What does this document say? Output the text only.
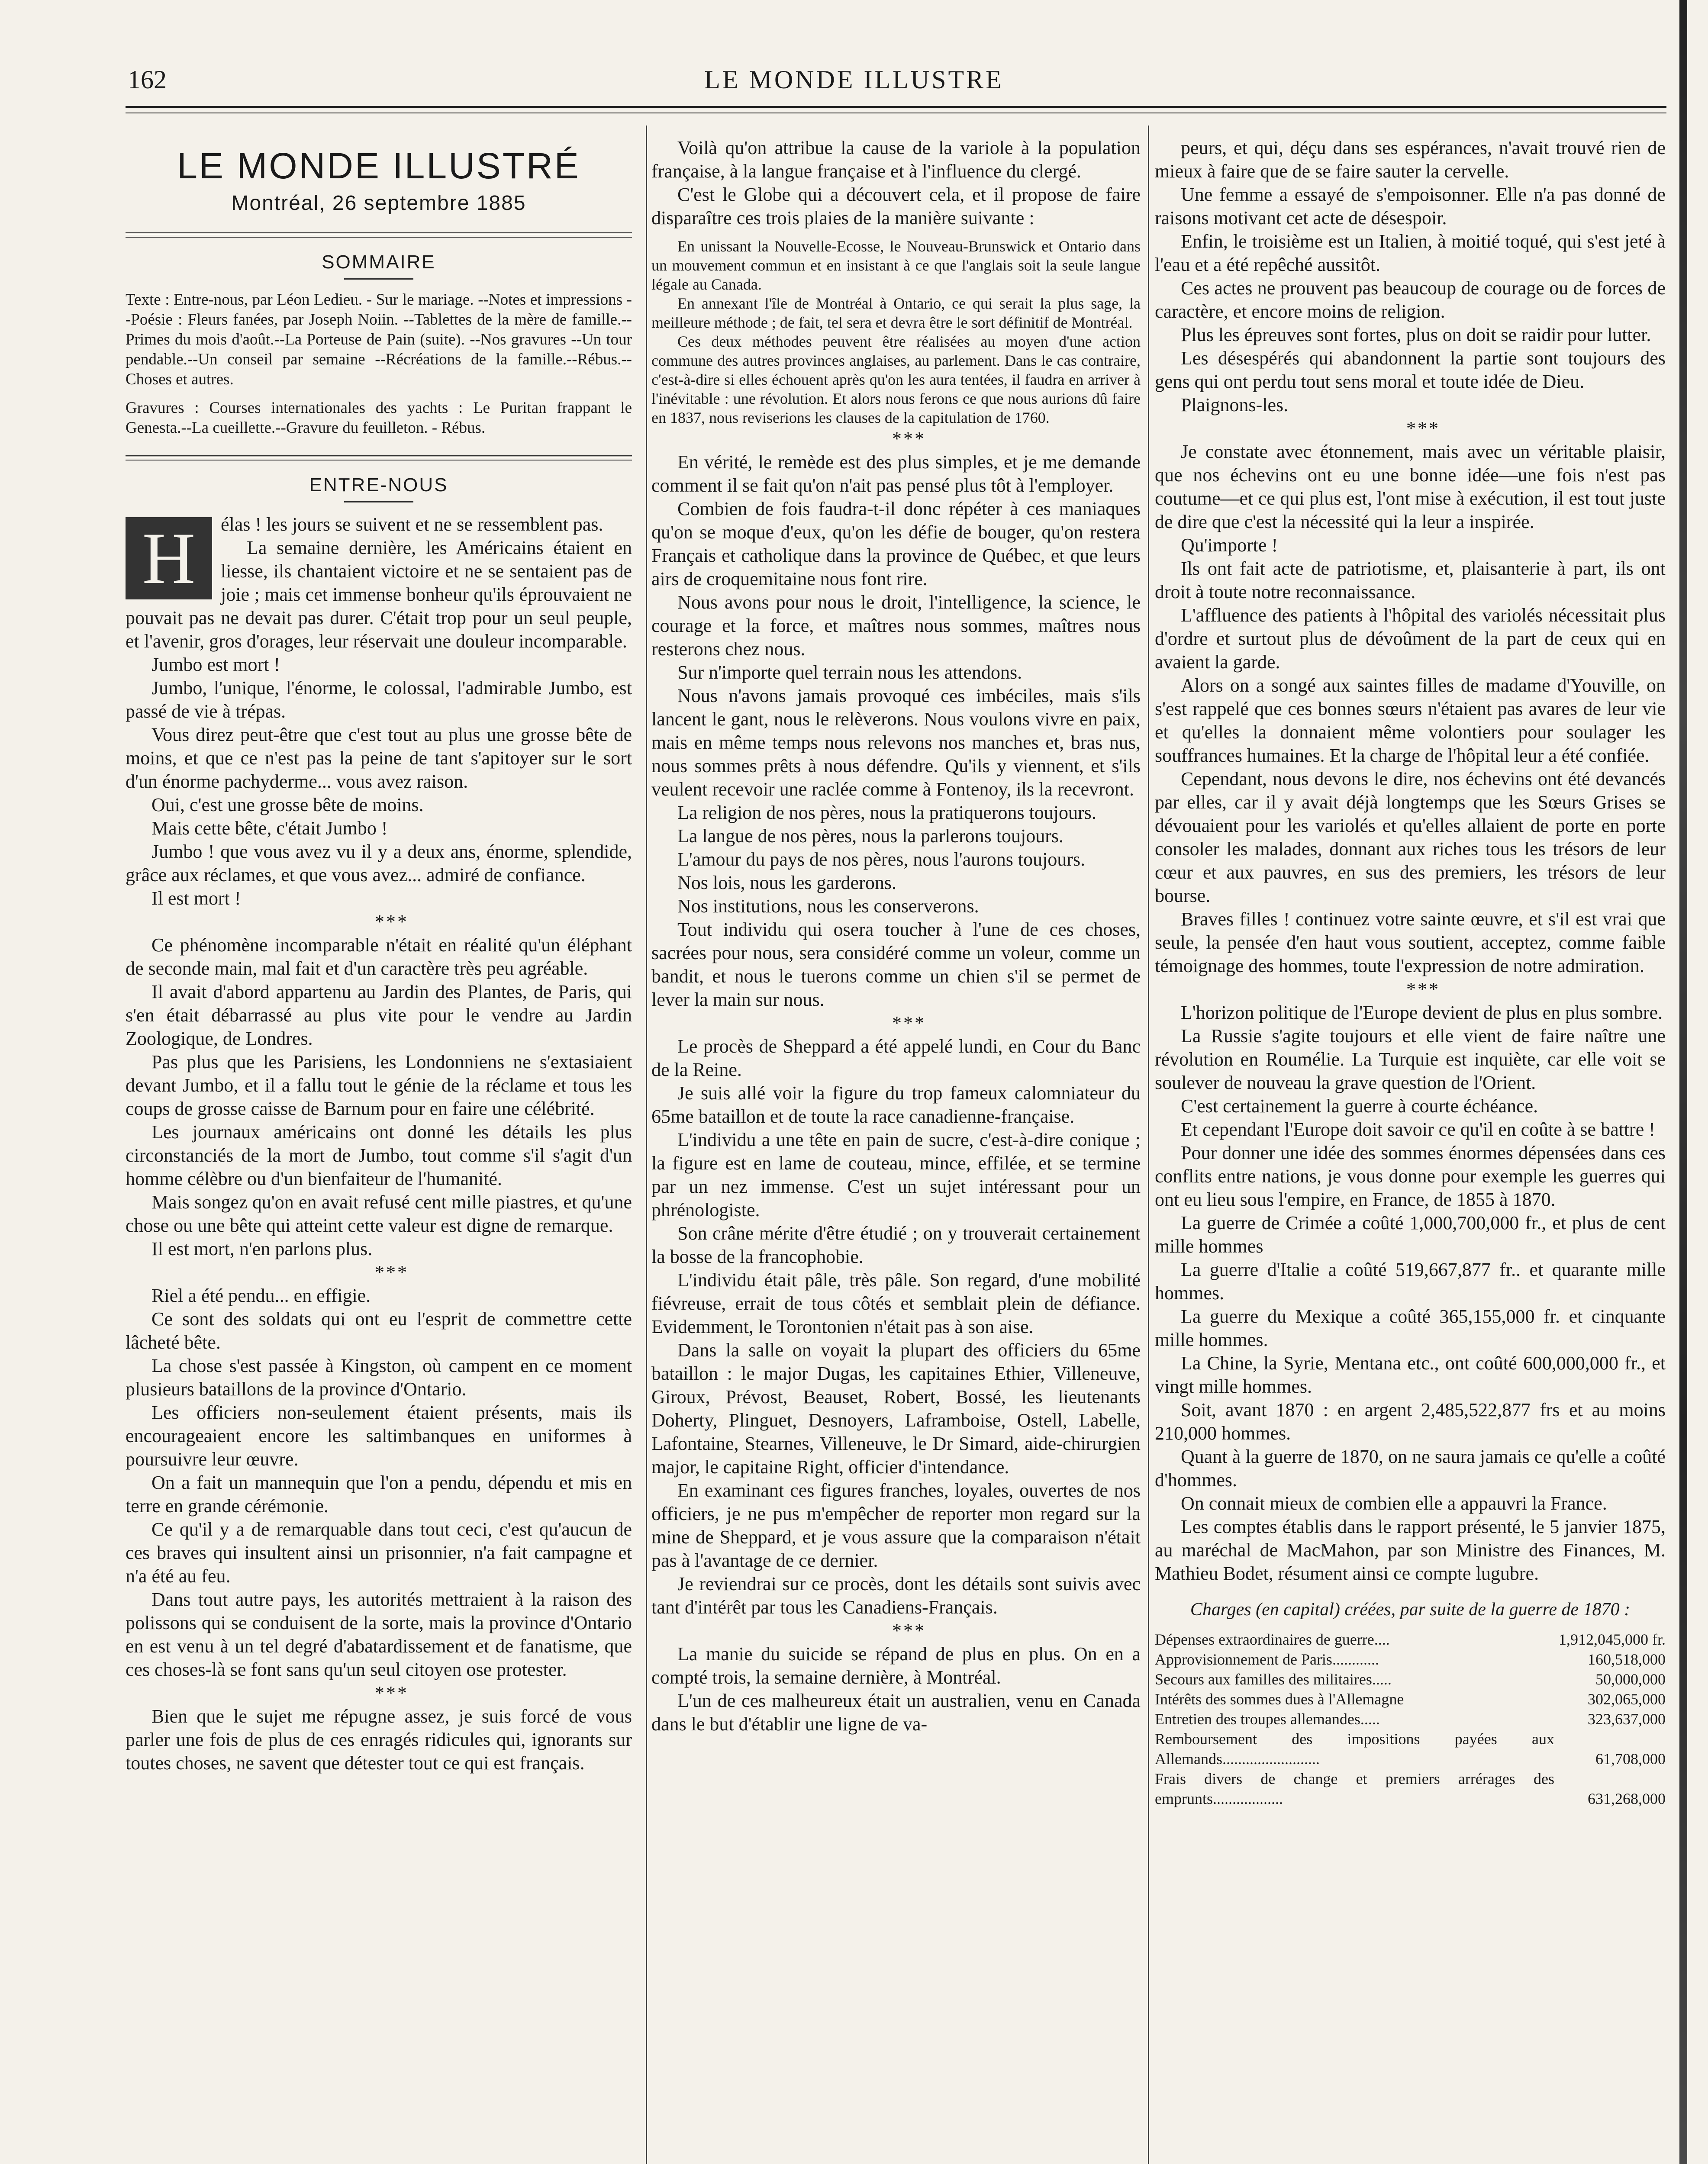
162	LE MONDE ILLUSTRE
LE MONDE ILLUSTRÉ
Montréal, 26 septembre 1885
SOMMAIRE

Texte : Entre-nous, par Léon Ledieu. - Sur le mariage. --Notes et impressions --Poésie : Fleurs fanées, par Joseph Noiin. --Tablettes de la mère de famille.--Primes du mois d'août.--La Porteuse de Pain (suite). --Nos gravures --Un tour pendable.--Un conseil par semaine --Récréations de la famille.--Rébus.--Choses et autres.

Gravures : Courses internationales des yachts : Le Puritan frappant le Genesta.--La cueillette.--Gravure du feuilleton. - Rébus.

ENTRE-NOUS
H	élas ! les jours se suivent et ne se ressemblent pas.

La semaine dernière, les Américains étaient en liesse, ils chantaient victoire et ne se sentaient pas de joie ; mais cet immense bonheur qu'ils éprouvaient ne pouvait pas ne devait pas durer. C'était trop pour un seul peuple, et l'avenir, gros d'orages, leur réservait une douleur incomparable.

Jumbo est mort !

Jumbo, l'unique, l'énorme, le colossal, l'admirable Jumbo, est passé de vie à trépas.

Vous direz peut-être que c'est tout au plus une grosse bête de moins, et que ce n'est pas la peine de tant s'apitoyer sur le sort d'un énorme pachyderme... vous avez raison.

Oui, c'est une grosse bête de moins.

Mais cette bête, c'était Jumbo !

Jumbo ! que vous avez vu il y a deux ans, énorme, splendide, grâce aux réclames, et que vous avez... admiré de confiance.

Il est mort !

***

Ce phénomène incomparable n'était en réalité qu'un éléphant de seconde main, mal fait et d'un caractère très peu agréable.

Il avait d'abord appartenu au Jardin des Plantes, de Paris, qui s'en était débarrassé au plus vite pour le vendre au Jardin Zoologique, de Londres.

Pas plus que les Parisiens, les Londonniens ne s'extasiaient devant Jumbo, et il a fallu tout le génie de la réclame et tous les coups de grosse caisse de Barnum pour en faire une célébrité.

Les journaux américains ont donné les détails les plus circonstanciés de la mort de Jumbo, tout comme s'il s'agit d'un homme célèbre ou d'un bienfaiteur de l'humanité.

Mais songez qu'on en avait refusé cent mille piastres, et qu'une chose ou une bête qui atteint cette valeur est digne de remarque.

Il est mort, n'en parlons plus.

***

Riel a été pendu... en effigie.

Ce sont des soldats qui ont eu l'esprit de commettre cette lâcheté bête.

La chose s'est passée à Kingston, où campent en ce moment plusieurs bataillons de la province d'Ontario.

Les officiers non-seulement étaient présents, mais ils encourageaient encore les saltimbanques en uniformes à poursuivre leur œuvre.

On a fait un mannequin que l'on a pendu, dépendu et mis en terre en grande cérémonie.

Ce qu'il y a de remarquable dans tout ceci, c'est qu'aucun de ces braves qui insultent ainsi un prisonnier, n'a fait campagne et n'a été au feu.

Dans tout autre pays, les autorités mettraient à la raison des polissons qui se conduisent de la sorte, mais la province d'Ontario en est venu à un tel degré d'abatardissement et de fanatisme, que ces choses-là se font sans qu'un seul citoyen ose protester.

***

Bien que le sujet me répugne assez, je suis forcé de vous parler une fois de plus de ces enragés ridicules qui, ignorants sur toutes choses, ne savent que détester tout ce qui est français.

Voilà qu'on attribue la cause de la variole à la population française, à la langue française et à l'influence du clergé.

C'est le Globe qui a découvert cela, et il propose de faire disparaître ces trois plaies de la manière suivante :

En unissant la Nouvelle-Ecosse, le Nouveau-Brunswick et Ontario dans un mouvement commun et en insistant à ce que l'anglais soit la seule langue légale au Canada.

En annexant l'île de Montréal à Ontario, ce qui serait la plus sage, la meilleure méthode ; de fait, tel sera et devra être le sort définitif de Montréal.

Ces deux méthodes peuvent être réalisées au moyen d'une action commune des autres provinces anglaises, au parlement. Dans le cas contraire, c'est-à-dire si elles échouent après qu'on les aura tentées, il faudra en arriver à l'inévitable : une révolution. Et alors nous ferons ce que nous aurions dû faire en 1837, nous reviserions les clauses de la capitulation de 1760.

***

En vérité, le remède est des plus simples, et je me demande comment il se fait qu'on n'ait pas pensé plus tôt à l'employer.

Combien de fois faudra-t-il donc répéter à ces maniaques qu'on se moque d'eux, qu'on les défie de bouger, qu'on restera Français et catholique dans la province de Québec, et que leurs airs de croquemitaine nous font rire.

Nous avons pour nous le droit, l'intelligence, la science, le courage et la force, et maîtres nous sommes, maîtres nous resterons chez nous.

Sur n'importe quel terrain nous les attendons.

Nous n'avons jamais provoqué ces imbéciles, mais s'ils lancent le gant, nous le relèverons. Nous voulons vivre en paix, mais en même temps nous relevons nos manches et, bras nus, nous sommes prêts à nous défendre. Qu'ils y viennent, et s'ils veulent recevoir une raclée comme à Fontenoy, ils la recevront.

La religion de nos pères, nous la pratiquerons toujours.

La langue de nos pères, nous la parlerons toujours.

L'amour du pays de nos pères, nous l'aurons toujours.

Nos lois, nous les garderons.

Nos institutions, nous les conserverons.

Tout individu qui osera toucher à l'une de ces choses, sacrées pour nous, sera considéré comme un voleur, comme un bandit, et nous le tuerons comme un chien s'il se permet de lever la main sur nous.

***

Le procès de Sheppard a été appelé lundi, en Cour du Banc de la Reine.

Je suis allé voir la figure du trop fameux calomniateur du 65me bataillon et de toute la race canadienne-française.

L'individu a une tête en pain de sucre, c'est-à-dire conique ; la figure est en lame de couteau, mince, effilée, et se termine par un nez immense. C'est un sujet intéressant pour un phrénologiste.

Son crâne mérite d'être étudié ; on y trouverait certainement la bosse de la francophobie.

L'individu était pâle, très pâle. Son regard, d'une mobilité fiévreuse, errait de tous côtés et semblait plein de défiance. Evidemment, le Torontonien n'était pas à son aise.

Dans la salle on voyait la plupart des officiers du 65me bataillon : le major Dugas, les capitaines Ethier, Villeneuve, Giroux, Prévost, Beauset, Robert, Bossé, les lieutenants Doherty, Plinguet, Desnoyers, Laframboise, Ostell, Labelle, Lafontaine, Stearnes, Villeneuve, le Dr Simard, aide-chirurgien major, le capitaine Right, officier d'intendance.

En examinant ces figures franches, loyales, ouvertes de nos officiers, je ne pus m'empêcher de reporter mon regard sur la mine de Sheppard, et je vous assure que la comparaison n'était pas à l'avantage de ce dernier.

Je reviendrai sur ce procès, dont les détails sont suivis avec tant d'intérêt par tous les Canadiens-Français.

***

La manie du suicide se répand de plus en plus. On en a compté trois, la semaine dernière, à Montréal.

L'un de ces malheureux était un australien, venu en Canada dans le but d'établir une ligne de va-

peurs, et qui, déçu dans ses espérances, n'avait trouvé rien de mieux à faire que de se faire sauter la cervelle.

Une femme a essayé de s'empoisonner. Elle n'a pas donné de raisons motivant cet acte de désespoir.

Enfin, le troisième est un Italien, à moitié toqué, qui s'est jeté à l'eau et a été repêché aussitôt.

Ces actes ne prouvent pas beaucoup de courage ou de forces de caractère, et encore moins de religion.

Plus les épreuves sont fortes, plus on doit se raidir pour lutter.

Les désespérés qui abandonnent la partie sont toujours des gens qui ont perdu tout sens moral et toute idée de Dieu.

Plaignons-les.

***

Je constate avec étonnement, mais avec un véritable plaisir, que nos échevins ont eu une bonne idée—une fois n'est pas coutume—et ce qui plus est, l'ont mise à exécution, il est tout juste de dire que c'est la nécessité qui la leur a inspirée.

Qu'importe !

Ils ont fait acte de patriotisme, et, plaisanterie à part, ils ont droit à toute notre reconnaissance.

L'affluence des patients à l'hôpital des variolés nécessitait plus d'ordre et surtout plus de dévoûment de la part de ceux qui en avaient la garde.

Alors on a songé aux saintes filles de madame d'Youville, on s'est rappelé que ces bonnes sœurs n'étaient pas avares de leur vie et qu'elles la donnaient même volontiers pour soulager les souffrances humaines. Et la charge de l'hôpital leur a été confiée.

Cependant, nous devons le dire, nos échevins ont été devancés par elles, car il y avait déjà longtemps que les Sœurs Grises se dévouaient pour les variolés et qu'elles allaient de porte en porte consoler les malades, donnant aux riches tous les trésors de leur cœur et aux pauvres, en sus des premiers, les trésors de leur bourse.

Braves filles ! continuez votre sainte œuvre, et s'il est vrai que seule, la pensée d'en haut vous soutient, acceptez, comme faible témoignage des hommes, toute l'expression de notre admiration.

***

L'horizon politique de l'Europe devient de plus en plus sombre.

La Russie s'agite toujours et elle vient de faire naître une révolution en Roumélie. La Turquie est inquiète, car elle voit se soulever de nouveau la grave question de l'Orient.

C'est certainement la guerre à courte échéance.

Et cependant l'Europe doit savoir ce qu'il en coûte à se battre !

Pour donner une idée des sommes énormes dépensées dans ces conflits entre nations, je vous donne pour exemple les guerres qui ont eu lieu sous l'empire, en France, de 1855 à 1870.

La guerre de Crimée a coûté 1,000,700,000 fr., et plus de cent mille hommes

La guerre d'Italie a coûté 519,667,877 fr.. et quarante mille hommes.

La guerre du Mexique a coûté 365,155,000 fr. et cinquante mille hommes.

La Chine, la Syrie, Mentana etc., ont coûté 600,000,000 fr., et vingt mille hommes.

Soit, avant 1870 : en argent 2,485,522,877 frs et au moins 210,000 hommes.

Quant à la guerre de 1870, on ne saura jamais ce qu'elle a coûté d'hommes.

On connait mieux de combien elle a appauvri la France.

Les comptes établis dans le rapport présenté, le 5 janvier 1875, au maréchal de MacMahon, par son Ministre des Finances, M. Mathieu Bodet, résument ainsi ce compte lugubre.

Charges (en capital) créées, par suite de la guerre de 1870 :
Dépenses extraordinaires de guerre....	1,912,045,000 fr.
Approvisionnement de Paris............	160,518,000
Secours aux familles des militaires.....	50,000,000
Intérêts des sommes dues à l'Allemagne	302,065,000
Entretien des troupes allemandes.....	323,637,000
Remboursement des impositions payées aux Allemands.........................	61,708,000
Frais divers de change et premiers arrérages des emprunts..................	631,268,000
